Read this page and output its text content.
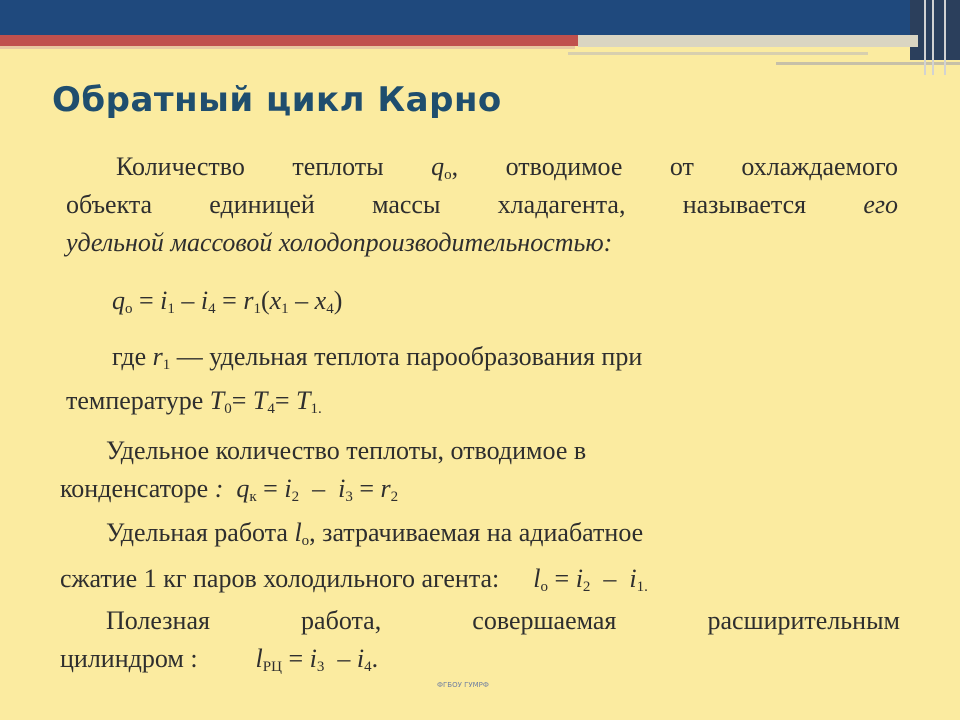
Обратный цикл Карно
Количество теплоты $q_o$, отводимое от охлаждаемого
объекта единицей массы хладагента, называется его
удельной массовой холодопроизводительностью:
$q_o = i_1 - i_4 = r_1(x_1 - x_4)$
где $r_1$ — удельная теплота парообразования при
температуре $T_0= T_4= T_{1.}$
Удельное количество теплоты, отводимое в
конденсаторе :  $q_к = i_2 - i_3 = r_2$
Удельная работа $l_o$, затрачиваемая на адиабатное
сжатие 1 кг паров холодильного агента: $l_o = i_2 - i_{1.}$
Полезная работа, совершаемая расширительным
цилиндром : $l_{РЦ} = i_3 - i_4$.
ФГБОУ ГУМРФ
